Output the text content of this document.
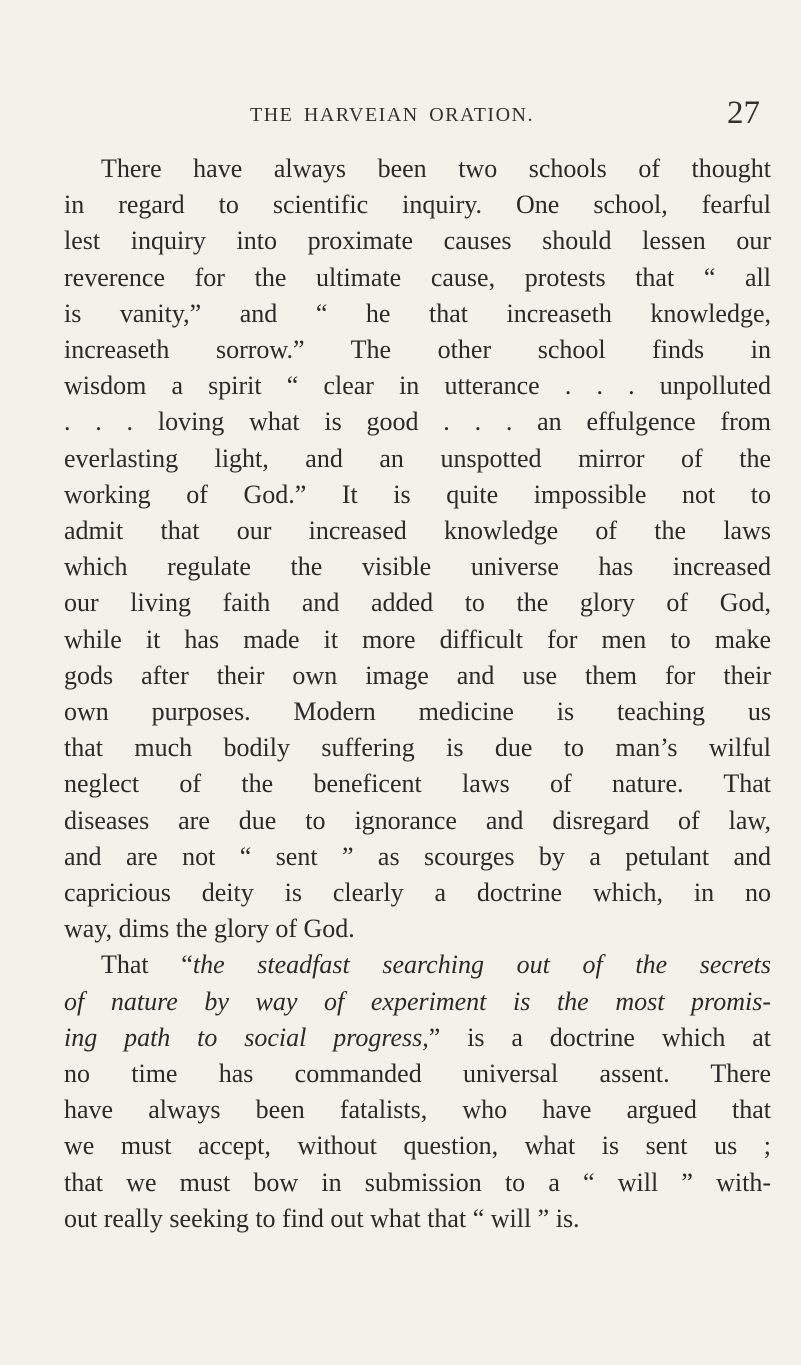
THE HARVEIAN ORATION.	27

There have always been two schools of thought
in regard to scientific inquiry. One school, fearful
lest inquiry into proximate causes should lessen our
reverence for the ultimate cause, protests that “ all
is vanity,” and “ he that increaseth knowledge,
increaseth sorrow.” The other school finds in
wisdom a spirit “ clear in utterance . . . unpolluted
. . . loving what is good . . . an effulgence from
everlasting light, and an unspotted mirror of the
working of God.” It is quite impossible not to
admit that our increased knowledge of the laws
which regulate the visible universe has increased
our living faith and added to the glory of God,
while it has made it more difficult for men to make
gods after their own image and use them for their
own purposes. Modern medicine is teaching us
that much bodily suffering is due to man’s wilful
neglect of the beneficent laws of nature. That
diseases are due to ignorance and disregard of law,
and are not “ sent ” as scourges by a petulant and
capricious deity is clearly a doctrine which, in no
way, dims the glory of God.

That “the steadfast searching out of the secrets
of nature by way of experiment is the most promis-
ing path to social progress,” is a doctrine which at
no time has commanded universal assent. There
have always been fatalists, who have argued that
we must accept, without question, what is sent us ;
that we must bow in submission to a “ will ” with-
out really seeking to find out what that “ will ” is.
